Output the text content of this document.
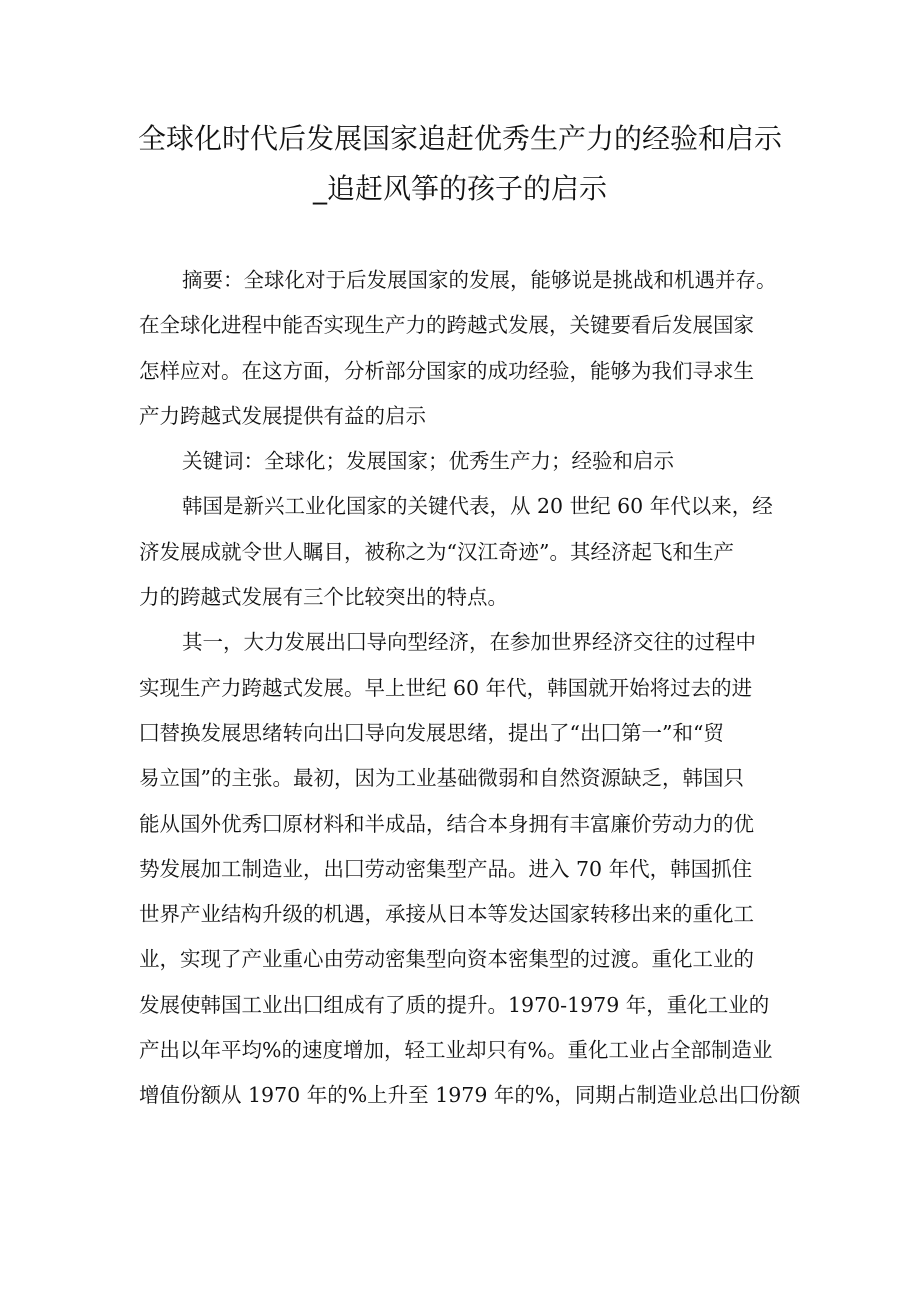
全球化时代后发展国家追赶优秀生产力的经验和启示
_追赶风筝的孩子的启示

摘要：全球化对于后发展国家的发展，能够说是挑战和机遇并存。
在全球化进程中能否实现生产力的跨越式发展，关键要看后发展国家
怎样应对。在这方面，分析部分国家的成功经验，能够为我们寻求生
产力跨越式发展提供有益的启示

关键词：全球化；发展国家；优秀生产力；经验和启示

韩国是新兴工业化国家的关键代表，从 20 世纪 60 年代以来，经
济发展成就令世人瞩目，被称之为“汉江奇迹”。其经济起飞和生产
力的跨越式发展有三个比较突出的特点。

其一，大力发展出囗导向型经济，在参加世界经济交往的过程中
实现生产力跨越式发展。早上世纪 60 年代，韩国就开始将过去的进
囗替换发展思绪转向出囗导向发展思绪，提出了“出囗第一”和“贸
易立国”的主张。最初，因为工业基础微弱和自然资源缺乏，韩国只
能从国外优秀囗原材料和半成品，结合本身拥有丰富廉价劳动力的优
势发展加工制造业，出囗劳动密集型产品。进入 70 年代，韩国抓住
世界产业结构升级的机遇，承接从日本等发达国家转移出来的重化工
业，实现了产业重心由劳动密集型向资本密集型的过渡。重化工业的
发展使韩国工业出囗组成有了质的提升。1970-1979 年，重化工业的
产出以年平均%的速度增加，轻工业却只有%。重化工业占全部制造业
增值份额从 1970 年的%上升至 1979 年的%，同期占制造业总出囗份额
